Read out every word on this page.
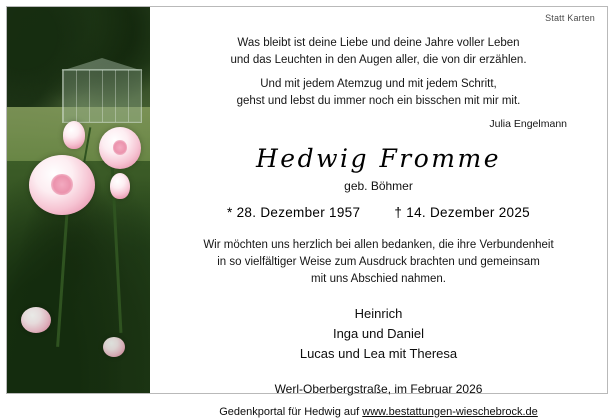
Statt Karten
Was bleibt ist deine Liebe und deine Jahre voller Leben
und das Leuchten in den Augen aller, die von dir erzählen.
Und mit jedem Atemzug und mit jedem Schritt,
gehst und lebst du immer noch ein bisschen mit mir mit.
Julia Engelmann
Hedwig Fromme
geb. Böhmer
* 28. Dezember 1957	† 14. Dezember 2025
Wir möchten uns herzlich bei allen bedanken, die ihre Verbundenheit
in so vielfältiger Weise zum Ausdruck brachten und gemeinsam
mit uns Abschied nahmen.
Heinrich
Inga und Daniel
Lucas und Lea mit Theresa
Werl-Oberbergstraße, im Februar 2026
Gedenkportal für Hedwig auf www.bestattungen-wieschebrock.de
